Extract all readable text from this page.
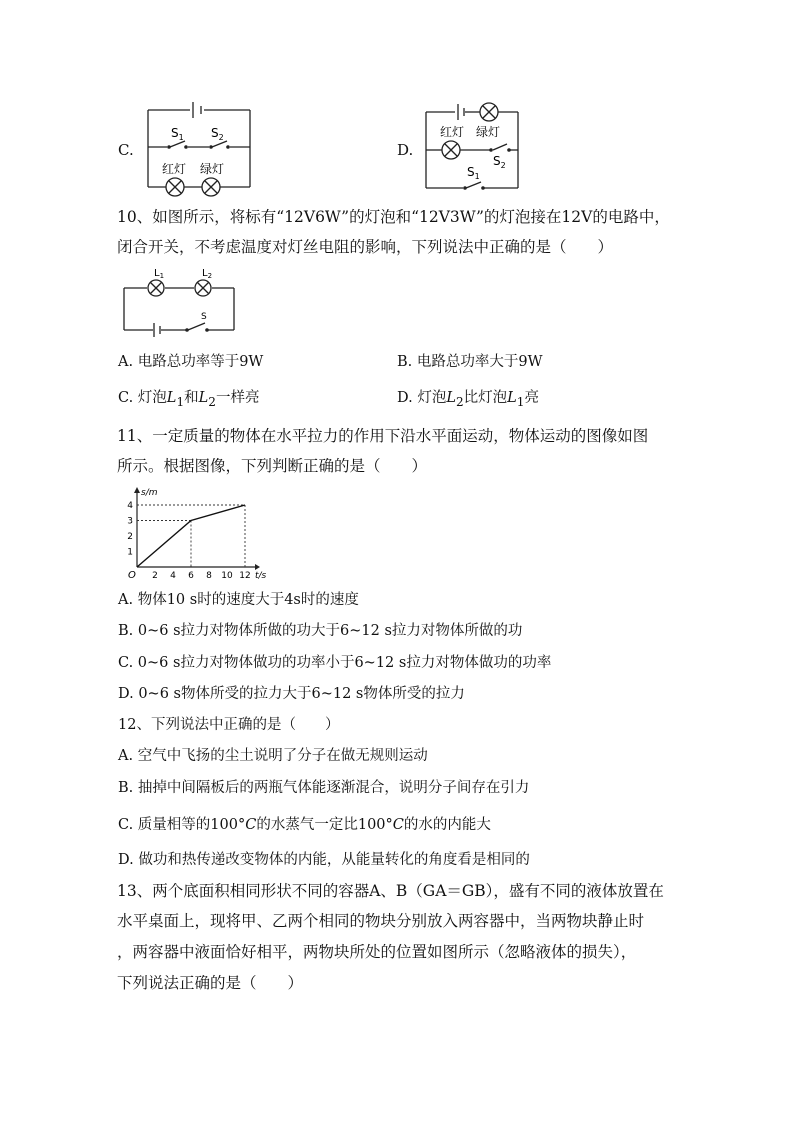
C.
$S_1$ $S_2$
红灯 绿灯
D.
红灯 绿灯
$S_2$
$S_1$
10、如图所示，将标有“12V6W”的灯泡和“12V3W”的灯泡接在12V的电路中，
闭合开关，不考虑温度对灯丝电阻的影响，下列说法中正确的是（　　）
$L_1$	$L_2$
S
A. 电路总功率等于9W	B. 电路总功率大于9W
C. 灯泡$L_1$和$L_2$一样亮	D. 灯泡$L_2$比灯泡$L_1$亮
11、一定质量的物体在水平拉力的作用下沿水平面运动，物体运动的图像如图
所示。根据图像，下列判断正确的是（　　）
2 4 6 8 10 12
1
2
3
4
O	t/s
s/m
A. 物体10 s时的速度大于4s时的速度
B. 0~6 s拉力对物体所做的功大于6~12 s拉力对物体所做的功
C. 0~6 s拉力对物体做功的功率小于6~12 s拉力对物体做功的功率
D. 0~6 s物体所受的拉力大于6~12 s物体所受的拉力
12、下列说法中正确的是（　　）
A. 空气中飞扬的尘土说明了分子在做无规则运动
B. 抽掉中间隔板后的两瓶气体能逐渐混合，说明分子间存在引力
C. 质量相等的100°C的水蒸气一定比100°C的水的内能大
D. 做功和热传递改变物体的内能，从能量转化的角度看是相同的
13、两个底面积相同形状不同的容器A、B（GA＝GB），盛有不同的液体放置在
水平桌面上，现将甲、乙两个相同的物块分别放入两容器中，当两物块静止时
，两容器中液面恰好相平，两物块所处的位置如图所示（忽略液体的损失），
下列说法正确的是（　　）
